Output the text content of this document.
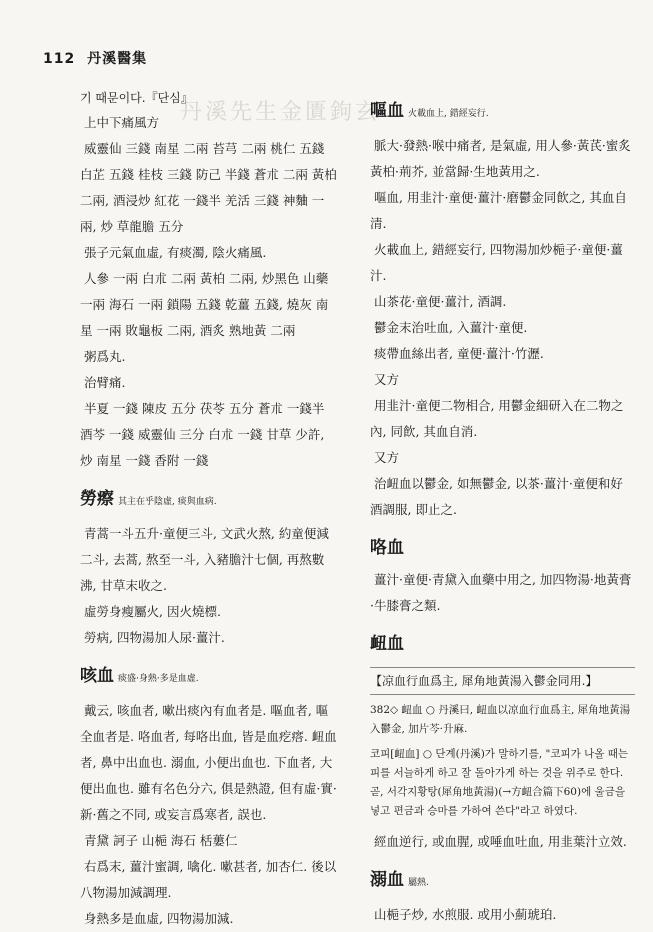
丹溪先生金匱鉤玄
112 丹溪醫集

기 때문이다.『단심』

上中下痛風方

威靈仙 三錢 南星 二兩 苔芎 二兩 桃仁 五錢 白芷 五錢 桂枝 三錢 防己 半錢 蒼朮 二兩 黃柏 二兩, 酒浸炒 紅花 一錢半 羌活 三錢 神麯 一兩, 炒 草龍膽 五分

張子元氣血虛, 有痰濁, 陰火痛風.

人參 一兩 白朮 二兩 黃柏 二兩, 炒黑色 山藥 一兩 海石 一兩 鎖陽 五錢 乾薑 五錢, 燒灰 南星 一兩 敗龜板 二兩, 酒炙 熟地黃 二兩

粥爲丸.

治臂痛.

半夏 一錢 陳皮 五分 茯苓 五分 蒼朮 一錢半 酒芩 一錢 威靈仙 三分 白朮 一錢 甘草 少許, 炒 南星 一錢 香附 一錢

勞瘵 其主在乎陰虛, 痰與血病.

青蒿一斗五升·童便三斗, 文武火熬, 約童便減二斗, 去蒿, 熬至一斗, 入豬膽汁七個, 再熬數沸, 甘草末收之.

虛勞身瘦屬火, 因火燒標.

勞病, 四物湯加人尿·薑汁.

咳血 痰盛·身熱·多是血虛.

戴云, 咳血者, 嗽出痰內有血者是. 嘔血者, 嘔全血者是. 咯血者, 每咯出血, 皆是血疙瘩. 衄血者, 鼻中出血也. 溺血, 小便出血也. 下血者, 大便出血也. 雖有名色分六, 俱是熱證, 但有虛·實·新·舊之不同, 或妄言爲寒者, 誤也.

青黛 訶子 山梔 海石 栝蔞仁

右爲末, 薑汁蜜調, 噙化. 嗽甚者, 加杏仁. 後以八物湯加減調理.

身熱多是血虛, 四物湯加減.

嘔血 火載血上, 錯經妄行.

脈大·發熱·喉中痛者, 是氣虛, 用人參·黃芪·蜜炙黃柏·荊芥, 並當歸·生地黃用之.

嘔血, 用韭汁·童便·薑汁·磨鬱金同飮之, 其血自清.

火載血上, 錯經妄行, 四物湯加炒梔子·童便·薑汁.

山茶花·童便·薑汁, 酒調.

鬱金末治吐血, 入薑汁·童便.

痰帶血絲出者, 童便·薑汁·竹瀝.

又方

用韭汁·童便二物相合, 用鬱金細研入在二物之內, 同飮, 其血自消.

又方

治衄血以鬱金, 如無鬱金, 以茶·薑汁·童便和好酒調服, 即止之.

咯血

薑汁·童便·青黛入血藥中用之, 加四物湯·地黃膏·牛膝膏之類.

衄血

【凉血行血爲主, 犀角地黃湯入鬱金同用.】

382◇ 衄血 ○ 丹溪曰, 衄血以凉血行血爲主, 犀角地黃湯入鬱金, 加片芩·升麻.

코피[衄血] ○ 단계(丹溪)가 말하기를, "코피가 나올 때는 피를 서늘하게 하고 잘 돌아가게 하는 것을 위주로 한다. 곧, 서각지황탕(犀角地黃湯)(→方衄合篇下60)에 울금을 넣고 편금과 승마를 가하여 쓴다"라고 하였다.

經血逆行, 或血腥, 或唾血吐血, 用韭葉汁立效.

溺血 屬熱.

山梔子炒, 水煎服. 或用小薊琥珀.
